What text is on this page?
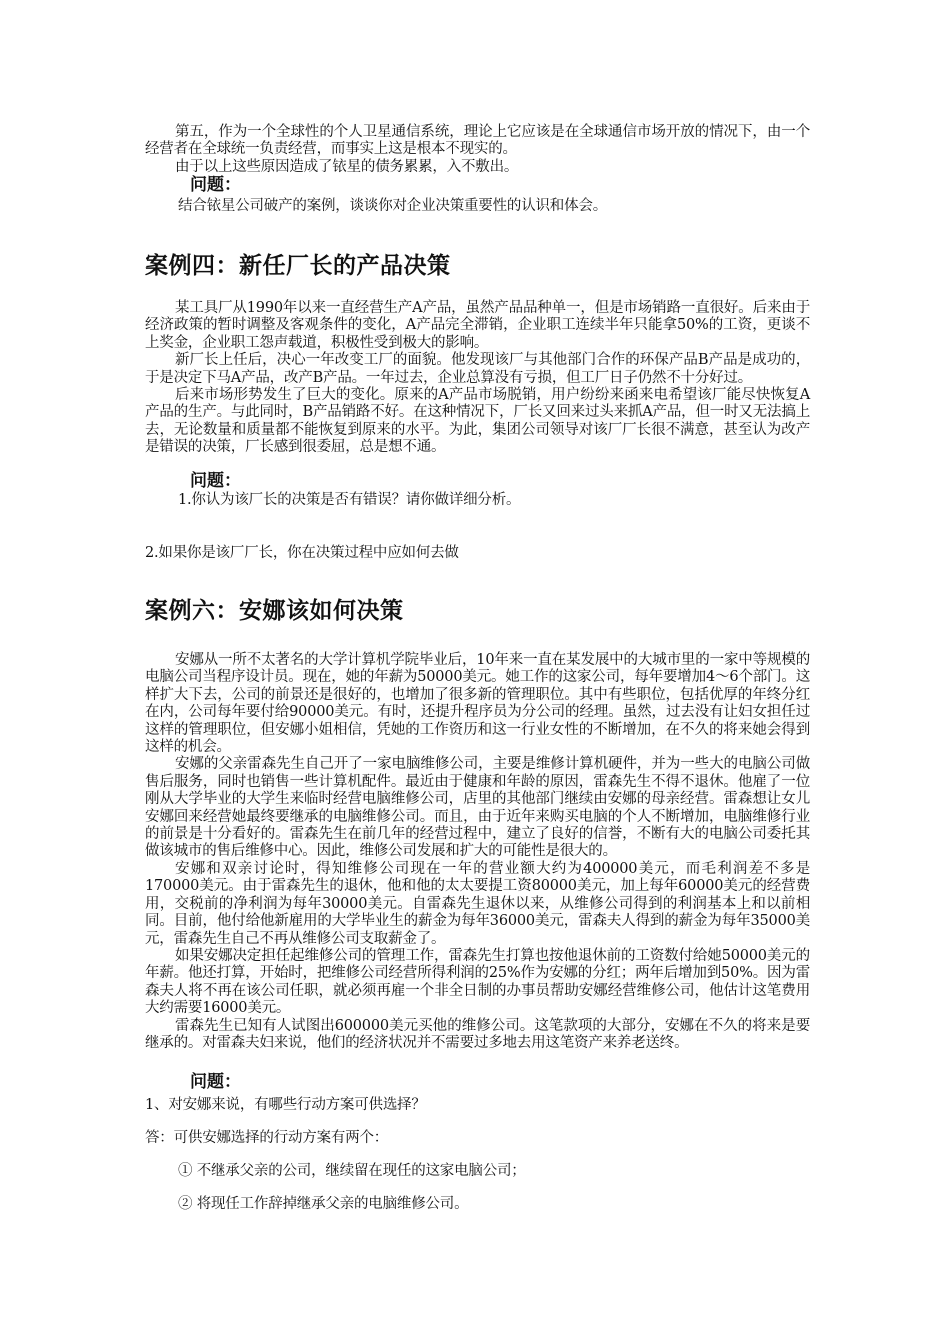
第五，作为一个全球性的个人卫星通信系统，理论上它应该是在全球通信市场开放的情况下，由一个经营者在全球统一负责经营，而事实上这是根本不现实的。

由于以上这些原因造成了铱星的债务累累，入不敷出。

问题：

结合铱星公司破产的案例，谈谈你对企业决策重要性的认识和体会。

案例四：新任厂长的产品决策

某工具厂从1990年以来一直经营生产A产品，虽然产品品种单一，但是市场销路一直很好。后来由于经济政策的暂时调整及客观条件的变化，A产品完全滞销，企业职工连续半年只能拿50%的工资，更谈不上奖金，企业职工怨声载道，积极性受到极大的影响。

新厂长上任后，决心一年改变工厂的面貌。他发现该厂与其他部门合作的环保产品B产品是成功的，于是决定下马A产品，改产B产品。一年过去，企业总算没有亏损，但工厂日子仍然不十分好过。

后来市场形势发生了巨大的变化。原来的A产品市场脱销，用户纷纷来函来电希望该厂能尽快恢复A产品的生产。与此同时，B产品销路不好。在这种情况下，厂长又回来过头来抓A产品，但一时又无法搞上去，无论数量和质量都不能恢复到原来的水平。为此，集团公司领导对该厂厂长很不满意，甚至认为改产是错误的决策，厂长感到很委屈，总是想不通。

问题：

1.你认为该厂长的决策是否有错误？请你做详细分析。

2.如果你是该厂厂长，你在决策过程中应如何去做

案例六：安娜该如何决策

安娜从一所不太著名的大学计算机学院毕业后，10年来一直在某发展中的大城市里的一家中等规模的电脑公司当程序设计员。现在，她的年薪为50000美元。她工作的这家公司，每年要增加4～6个部门。这样扩大下去，公司的前景还是很好的，也增加了很多新的管理职位。其中有些职位，包括优厚的年终分红在内，公司每年要付给90000美元。有时，还提升程序员为分公司的经理。虽然，过去没有让妇女担任过这样的管理职位，但安娜小姐相信，凭她的工作资历和这一行业女性的不断增加，在不久的将来她会得到这样的机会。

安娜的父亲雷森先生自己开了一家电脑维修公司，主要是维修计算机硬件，并为一些大的电脑公司做售后服务，同时也销售一些计算机配件。最近由于健康和年龄的原因，雷森先生不得不退休。他雇了一位刚从大学毕业的大学生来临时经营电脑维修公司，店里的其他部门继续由安娜的母亲经营。雷森想让女儿安娜回来经营她最终要继承的电脑维修公司。而且，由于近年来购买电脑的个人不断增加，电脑维修行业的前景是十分看好的。雷森先生在前几年的经营过程中，建立了良好的信誉，不断有大的电脑公司委托其做该城市的售后维修中心。因此，维修公司发展和扩大的可能性是很大的。

安娜和双亲讨论时，得知维修公司现在一年的营业额大约为400000美元，而毛利润差不多是170000美元。由于雷森先生的退休，他和他的太太要提工资80000美元，加上每年60000美元的经营费用，交税前的净利润为每年30000美元。自雷森先生退休以来，从维修公司得到的利润基本上和以前相同。目前，他付给他新雇用的大学毕业生的薪金为每年36000美元，雷森夫人得到的薪金为每年35000美元，雷森先生自己不再从维修公司支取薪金了。

如果安娜决定担任起维修公司的管理工作，雷森先生打算也按他退休前的工资数付给她50000美元的年薪。他还打算，开始时，把维修公司经营所得利润的25%作为安娜的分红；两年后增加到50%。因为雷森夫人将不再在该公司任职，就必须再雇一个非全日制的办事员帮助安娜经营维修公司，他估计这笔费用大约需要16000美元。

雷森先生已知有人试图出600000美元买他的维修公司。这笔款项的大部分，安娜在不久的将来是要继承的。对雷森夫妇来说，他们的经济状况并不需要过多地去用这笔资产来养老送终。

问题：

1、对安娜来说，有哪些行动方案可供选择？

答：可供安娜选择的行动方案有两个：

① 不继承父亲的公司，继续留在现任的这家电脑公司；

② 将现任工作辞掉继承父亲的电脑维修公司。
